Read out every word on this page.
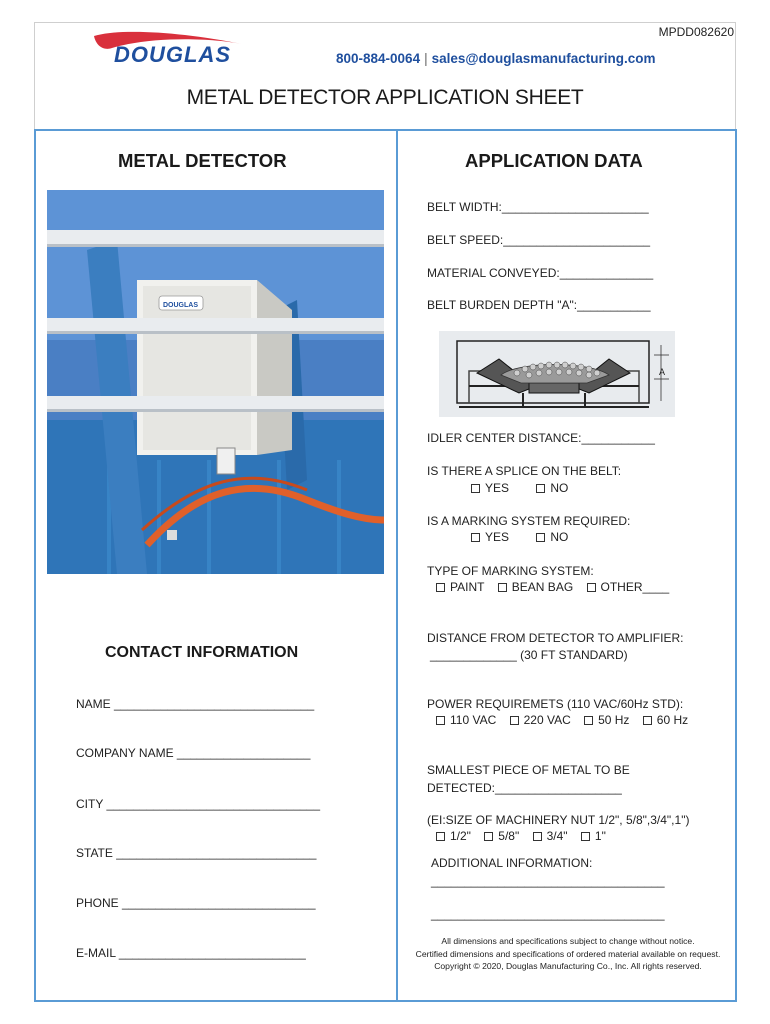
MPDD082620
DOUGLAS	800-884-0064 | sales@douglasmanufacturing.com
METAL DETECTOR APPLICATION SHEET
METAL DETECTOR
DOUGLAS
CONTACT INFORMATION
NAME ______________________________
COMPANY NAME ____________________
CITY ________________________________
STATE ______________________________
PHONE _____________________________
E-MAIL ____________________________
APPLICATION DATA
BELT WIDTH:______________________
BELT SPEED:______________________
MATERIAL CONVEYED:______________
BELT BURDEN DEPTH "A":___________
A
IDLER CENTER DISTANCE:___________
IS THERE A SPLICE ON THE BELT:
YES	NO
IS A MARKING SYSTEM REQUIRED:
YES	NO
TYPE OF MARKING SYSTEM:
PAINT BEAN BAG OTHER____
DISTANCE FROM DETECTOR TO AMPLIFIER:
_____________ (30 FT STANDARD)
POWER REQUIREMETS (110 VAC/60Hz STD):
110 VAC 220 VAC 50 Hz 60 Hz
SMALLEST PIECE OF METAL TO BE
DETECTED:___________________
(EI:SIZE OF MACHINERY NUT 1/2", 5/8",3/4",1")
1/2" 5/8" 3/4" 1"
ADDITIONAL INFORMATION:
___________________________________
___________________________________
All dimensions and specifications subject to change without notice.
Certified dimensions and specifications of ordered material available on request.
Copyright © 2020, Douglas Manufacturing Co., Inc. All rights reserved.
